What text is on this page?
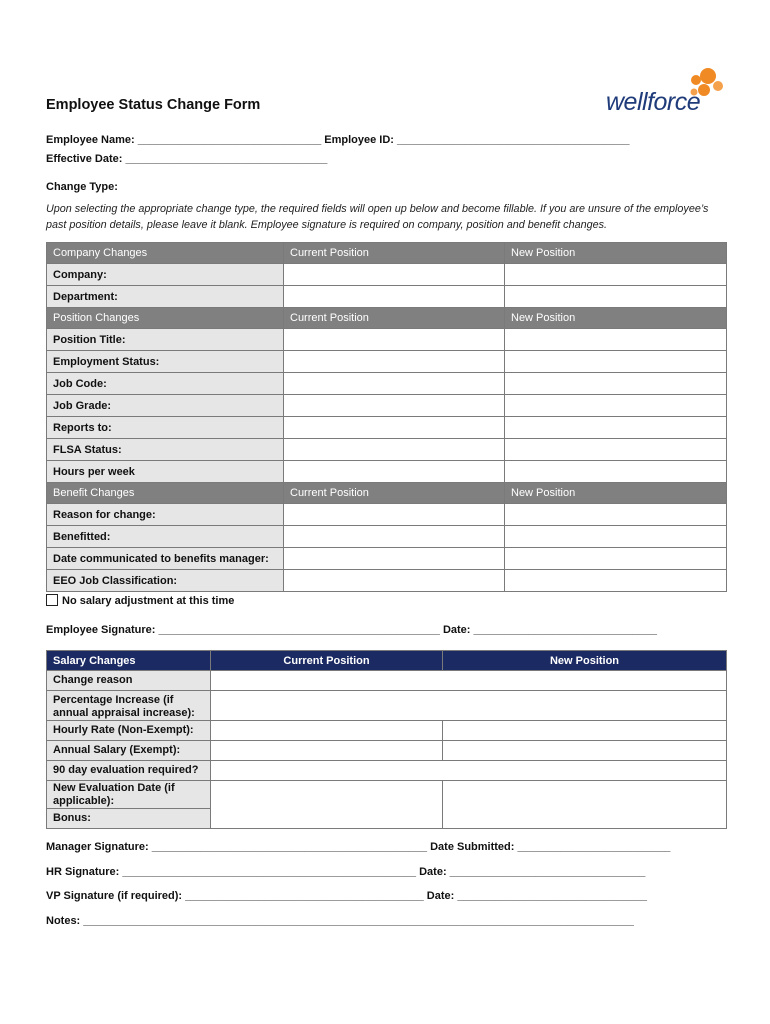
Employee Status Change Form	wellforce
Employee Name: ______________________________ Employee ID: ______________________________________
Effective Date: _________________________________
Change Type:
Upon selecting the appropriate change type, the required fields will open up below and become fillable. If you are unsure of the employee’s past position details, please leave it blank. Employee signature is required on company, position and benefit changes.
Company Changes	Current Position	New Position
Company:		
Department:		
Position Changes	Current Position	New Position
Position Title:		
Employment Status:		
Job Code:		
Job Grade:		
Reports to:		
FLSA Status:		
Hours per week		
Benefit Changes	Current Position	New Position
Reason for change:		
Benefitted:		
Date communicated to benefits manager:		
EEO Job Classification:		
No salary adjustment at this time
Employee Signature: ______________________________________________ Date: ______________________________
Salary Changes	Current Position	New Position
Change reason		
Percentage Increase (if annual appraisal increase):		
Hourly Rate (Non-Exempt):		
Annual Salary (Exempt):		
90 day evaluation required?		
New Evaluation Date (if applicable):		
Bonus:		
Manager Signature: _____________________________________________ Date Submitted: _________________________
HR Signature: ________________________________________________ Date: ________________________________
VP Signature (if required): _______________________________________ Date: _______________________________
Notes: __________________________________________________________________________________________
